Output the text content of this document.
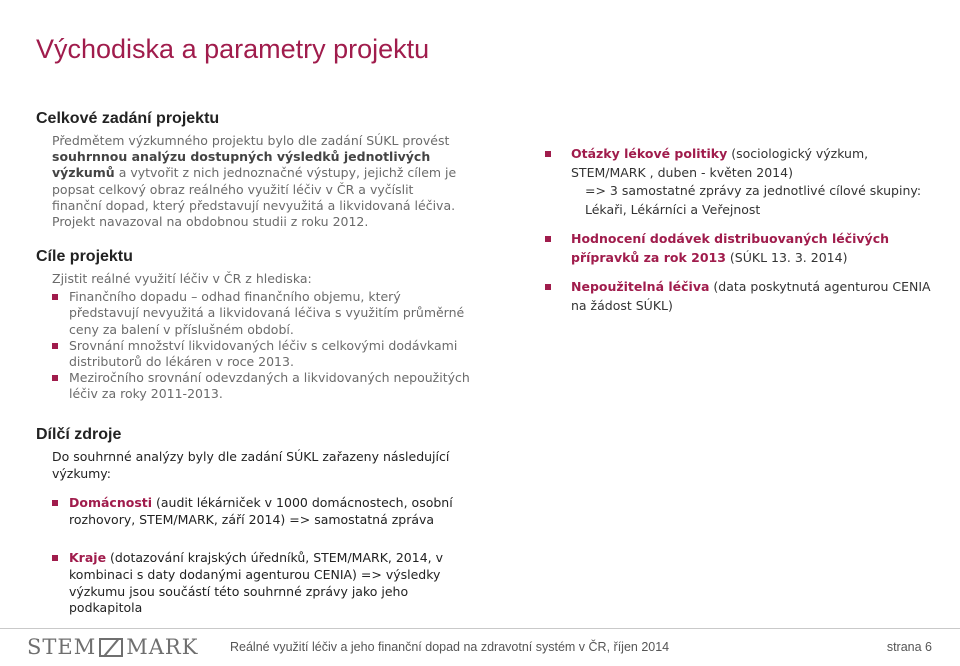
Východiska a parametry projektu
Celkové zadání projektu

Předmětem výzkumného projektu bylo dle zadání SÚKL provést souhrnnou analýzu dostupných výsledků jednotlivých výzkumů a vytvořit z nich jednoznačné výstupy, jejichž cílem je popsat celkový obraz reálného využití léčiv v ČR a vyčíslit finanční dopad, který představují nevyužitá a likvidovaná léčiva. Projekt navazoval na obdobnou studii z roku 2012.

Cíle projektu
Zjistit reálné využití léčiv v ČR z hlediska:
Finančního dopadu – odhad finančního objemu, který představují nevyužitá a likvidovaná léčiva s využitím průměrné ceny za balení v příslušném období.
Srovnání množství likvidovaných léčiv s celkovými dodávkami distributorů do lékáren v roce 2013.
Meziročního srovnání odevzdaných a likvidovaných nepoužitých léčiv za roky 2011-2013.
Dílčí zdroje
Do souhrnné analýzy byly dle zadání SÚKL zařazeny následující výzkumy:
Domácnosti (audit lékárniček v 1000 domácnostech, osobní rozhovory, STEM/MARK, září 2014) => samostatná zpráva
Kraje (dotazování krajských úředníků, STEM/MARK, 2014, v kombinaci s daty dodanými agenturou CENIA) => výsledky výzkumu jsou součástí této souhrnné zprávy jako jeho podkapitola
Otázky lékové politiky (sociologický výzkum, STEM/MARK , duben - květen 2014)
=> 3 samostatné zprávy za jednotlivé cílové skupiny:
Lékaři, Lékárníci a Veřejnost
Hodnocení dodávek distribuovaných léčivých přípravků za rok 2013 (SÚKL 13. 3. 2014)
Nepoužitelná léčiva (data poskytnutá agenturou CENIA na žádost SÚKL)
STEM MARK	Reálné využití léčiv a jeho finanční dopad na zdravotní systém v ČR, říjen 2014	strana 6
